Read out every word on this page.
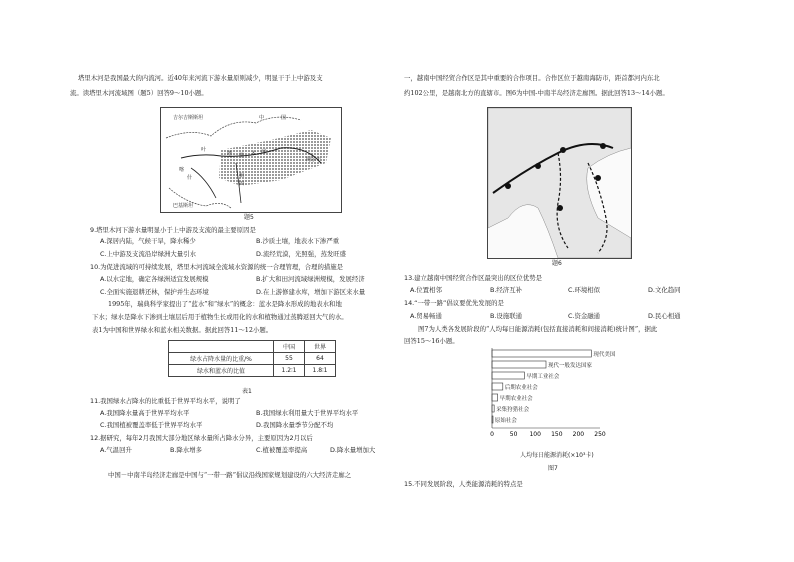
塔里木河是我国最大的内流河。近40年来河流下游水量原则减少，明显干于上中游及支
流。读塔里木河流域图（题5）回答9～10小题。
吉尔吉斯斯坦	中	国
叶
塔 里 木 河
和
田
阿尔干
巴基斯坦
喀
什
题5
9.塔里木河下游水量明显小于上中游及支流的最主要原因是
A.深居内陆，气候干旱，降水稀少	B.沙质土壤，地表水下渗严重
C.上中游及支流沿岸绿洲大量引水	D.流经荒漠，光照强，蒸发旺盛
10.为促进流域的可持续发展，塔里木河流域全流域水资源的统一合理管理，合理的措施是
A.以水定地，确定各绿洲适宜发展规模	B.扩大和田河流域绿洲规模，发展经济
C.全面实施退耕还林，保护并生态环境	D.在上游修建水库，增加下游区来水量
1995年，瑞典科学家提出了“蓝水”和“绿水”的概念：蓝水是降水形成的地表水和地
下水；绿水是降水下渗到土壤层后用于植物生长或用化的水和植物通过蒸腾返回大气的水。
表1为中国和世界绿水和蓝水相关数据。据此回答11～12小题。
	中国	世界
绿水占降水量的比重/%	55	64
绿水和蓝水的比值	1.2∶1	1.8∶1
表1
11.我国绿水占降水的比重低于世界平均水平，说明了
A.我国降水量高于世界平均水平	B.我国绿水利用量大于世界平均水平
C.我国植被覆盖率低于世界平均水平	D.我国降水量季节分配不均
12.据研究，每年2月我国大部分地区绿水量所占降水分异，主要原因为2月以后
A.气温回升	B.降水增多	C.植被覆盖率提高	D.降水量增加大
中国－中南半岛经济走廊是中国与“一带一路”倡议沿线国家规划建设的六大经济走廊之
一，越南中国经贸合作区是其中重要的合作项目。合作区位于越南海防市，距首都河内东北
约102公里，是越南北方的直辖市。图6为中国-中南半岛经济走廊图。据此回答13～14小题。
题6
13.建立越南中国经贸合作区最突出的区位优势是
A.位置相邻	B.经济互补	C.环境相似	D.文化趋同
14.“一带一路”倡议要优先发展的是
A.贸易畅通	B.设施联通	C.资金融通	D.民心相通
图7为人类各发展阶段的“人均每日能源消耗(包括直接消耗和间接消耗)统计图”，据此
回答15～16小题。
现代美国
现代一般发达国家
早期工业社会
后期农业社会
早期农业社会
采集狩猎社会
原始社会
0	50 100 150 200 250
人均每日能源消耗(×10³卡)
图7
15.不同发展阶段，人类能源消耗的特点是
